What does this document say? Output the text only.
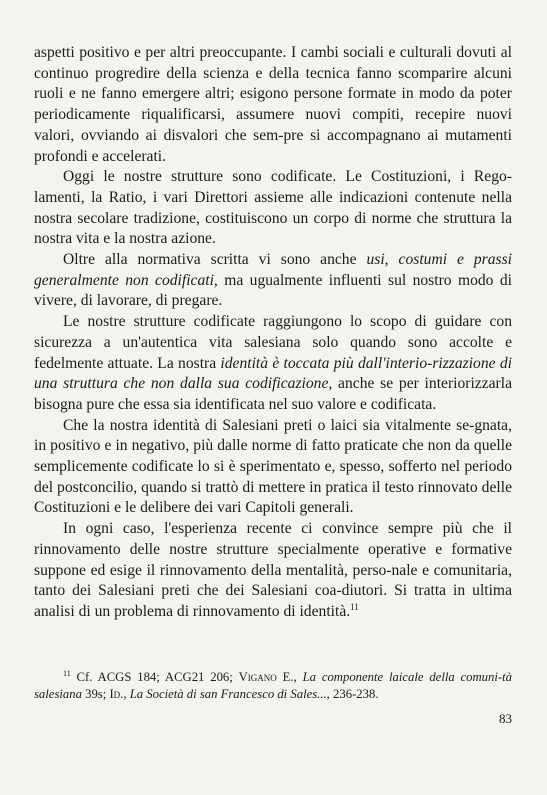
aspetti positivo e per altri preoccupante. I cambi sociali e culturali dovuti al continuo progredire della scienza e della tecnica fanno scomparire alcuni ruoli e ne fanno emergere altri; esigono persone formate in modo da poter periodicamente riqualificarsi, assumere nuovi compiti, recepire nuovi valori, ovviando ai disvalori che sem-pre si accompagnano ai mutamenti profondi e accelerati.

Oggi le nostre strutture sono codificate. Le Costituzioni, i Rego-lamenti, la Ratio, i vari Direttori assieme alle indicazioni contenute nella nostra secolare tradizione, costituiscono un corpo di norme che struttura la nostra vita e la nostra azione.

Oltre alla normativa scritta vi sono anche usi, costumi e prassi generalmente non codificati, ma ugualmente influenti sul nostro modo di vivere, di lavorare, di pregare.

Le nostre strutture codificate raggiungono lo scopo di guidare con sicurezza a un'autentica vita salesiana solo quando sono accolte e fedelmente attuate. La nostra identità è toccata più dall'interio-rizzazione di una struttura che non dalla sua codificazione, anche se per interiorizzarla bisogna pure che essa sia identificata nel suo valore e codificata.

Che la nostra identità di Salesiani preti o laici sia vitalmente se-gnata, in positivo e in negativo, più dalle norme di fatto praticate che non da quelle semplicemente codificate lo si è sperimentato e, spesso, sofferto nel periodo del postconcilio, quando si trattò di mettere in pratica il testo rinnovato delle Costituzioni e le delibere dei vari Capitoli generali.

In ogni caso, l'esperienza recente ci convince sempre più che il rinnovamento delle nostre strutture specialmente operative e formative suppone ed esige il rinnovamento della mentalità, perso-nale e comunitaria, tanto dei Salesiani preti che dei Salesiani coa-diutori. Si tratta in ultima analisi di un problema di rinnovamento di identità.$^{11}$

$^{11}$ Cf. ACGS 184; ACG21 206; Vigano E., La componente laicale della comuni-tà salesiana 39s; Id., La Società di san Francesco di Sales..., 236-238.
83
